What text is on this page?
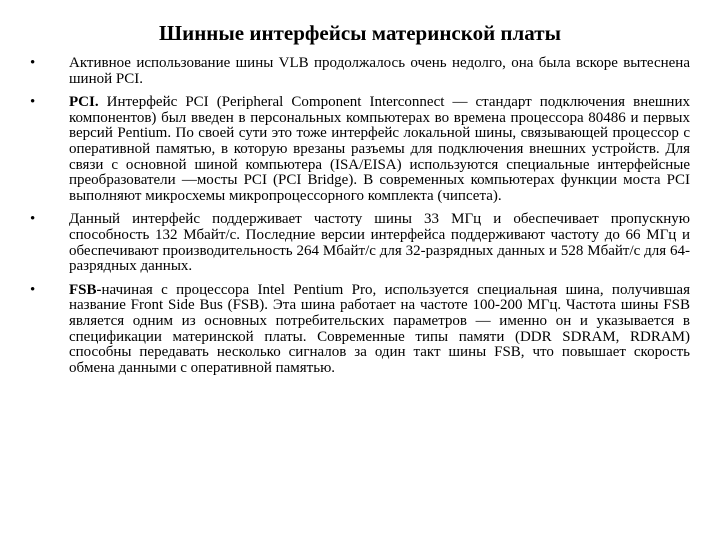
Шинные интерфейсы материнской платы
•	Активное использование шины VLB продолжалось очень недолго, она была вскоре вытеснена шиной PCI.
•	PCI. Интерфейс PCI (Peripheral Component Interconnect — стандарт подключения внешних компонентов) был введен в персональных компьютерах во времена процессора 80486 и первых версий Pentium. По своей сути это тоже интерфейс локальной шины, связывающей процессор с оперативной памятью, в которую врезаны разъемы для подключения внешних устройств. Для связи с основной шиной компьютера (ISA/EISA) используются специальные интерфейсные преобразователи —мосты PCI (PCI Bridge). В современных компьютерах функции моста PCI выполняют микросхемы микропроцессорного комплекта (чипсета).
•	Данный интерфейс поддерживает частоту шины 33 МГц и обеспечивает пропускную способность 132 Мбайт/с. Последние версии интерфейса поддерживают частоту до 66 МГц и обеспечивают производительность 264 Мбайт/с для 32-разрядных данных и 528 Мбайт/с для 64-разрядных данных.
•	FSB-начиная с процессора Intel Pentium Pro, используется специальная шина, получившая название Front Side Bus (FSB). Эта шина работает на частоте 100-200 МГц. Частота шины FSB является одним из основных потребительских параметров — именно он и указывается в спецификации материнской платы. Современные типы памяти (DDR SDRAM, RDRAM) способны передавать несколько сигналов за один такт шины FSB, что повышает скорость обмена данными с оперативной памятью.
